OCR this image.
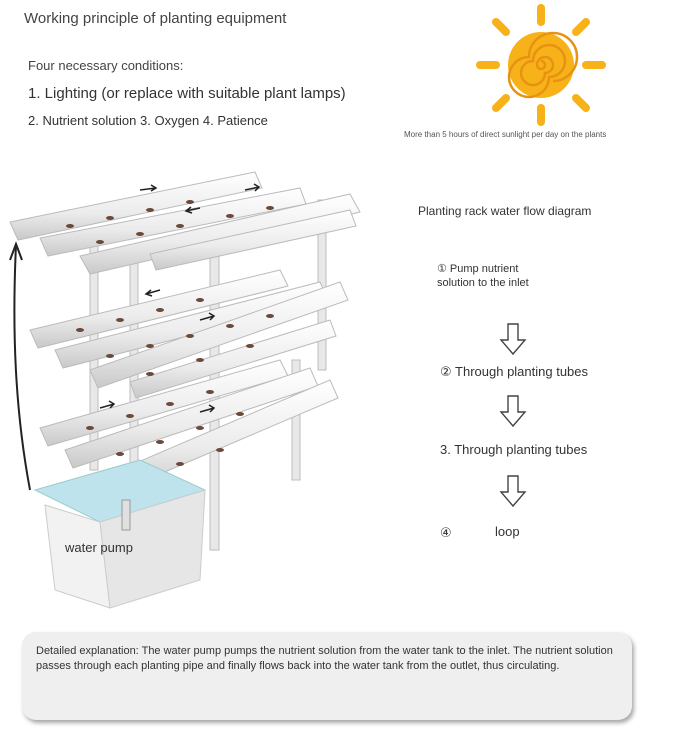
Working principle of planting equipment
Four necessary conditions:
1. Lighting (or replace with suitable plant lamps)
2. Nutrient solution 3. Oxygen 4. Patience
More than 5 hours of direct sunlight per day on the plants
water pump
Planting rack water flow diagram
① Pump nutrient solution to the inlet
② Through planting tubes
3. Through planting tubes
④	loop
Detailed explanation: The water pump pumps the nutrient solution from the water tank to the inlet. The nutrient solution passes through each planting pipe and finally flows back into the water tank from the outlet, thus circulating.
